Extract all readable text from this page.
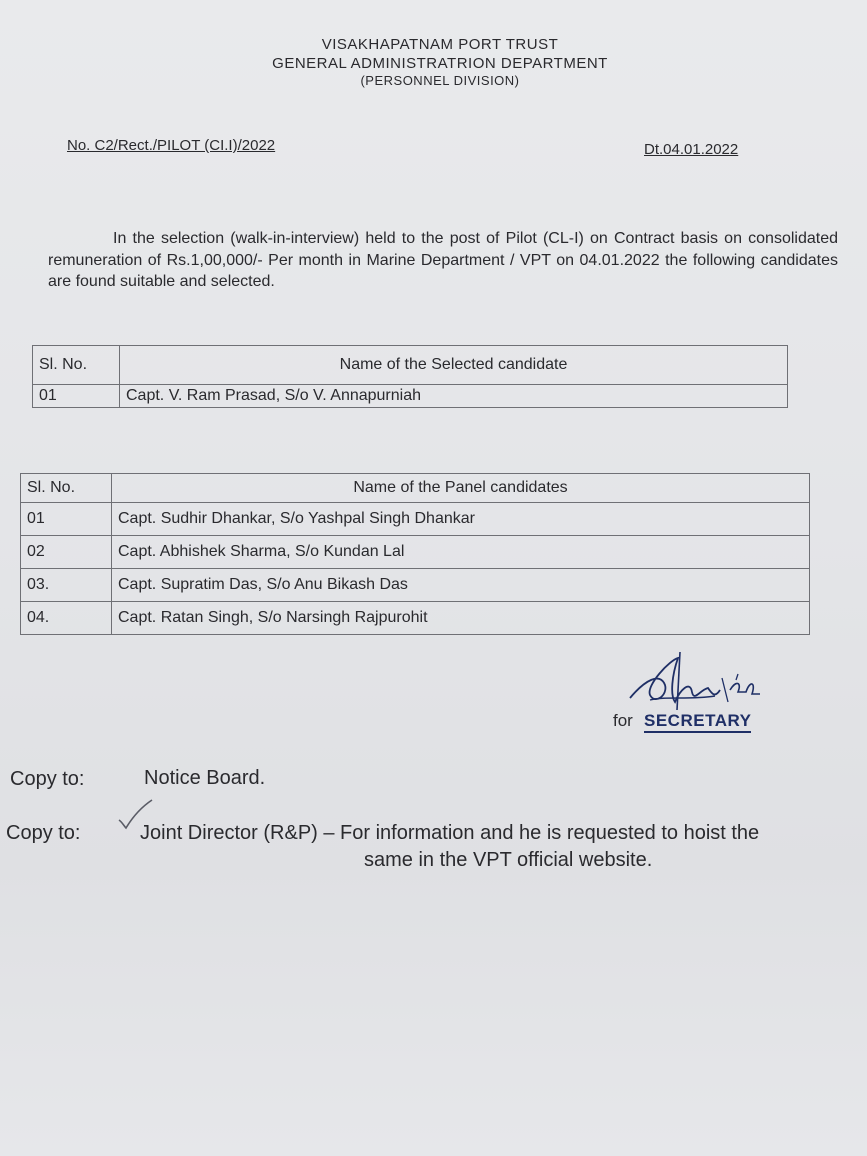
VISAKHAPATNAM PORT TRUST
GENERAL ADMINISTRATRION DEPARTMENT
(PERSONNEL DIVISION)
No. C2/Rect./PILOT (CI.I)/2022	Dt.04.01.2022
In the selection (walk-in-interview) held to the post of Pilot (CL-I) on Contract basis on consolidated remuneration of Rs.1,00,000/- Per month in Marine Department / VPT on 04.01.2022 the following candidates are found suitable and selected.
Sl. No.	Name of the Selected candidate
01	Capt. V. Ram Prasad, S/o V. Annapurniah
Sl. No.	Name of the Panel candidates
01	Capt. Sudhir Dhankar, S/o Yashpal Singh Dhankar
02	Capt. Abhishek Sharma, S/o Kundan Lal
03.	Capt. Supratim Das, S/o Anu Bikash Das
04.	Capt. Ratan Singh, S/o Narsingh Rajpurohit
for SECRETARY
Copy to:	Notice Board.
Copy to:	Joint Director (R&P) – For information and he is requested to hoist the
same in the VPT official website.
